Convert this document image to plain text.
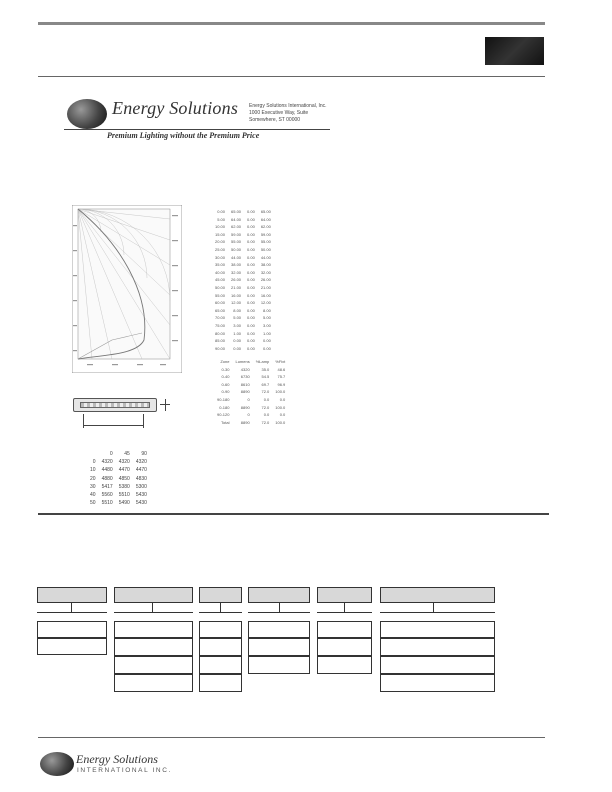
Energy Solutions Energy Solutions International, Inc.
1000 Executive Way, Suite
Somewhere, ST 00000
Premium Lighting without the Premium Price
0.00	65.00	0.00	65.00
5.00	64.00	0.00	64.00
10.00	62.00	0.00	62.00
15.00	59.00	0.00	59.00
20.00	55.00	0.00	55.00
25.00	50.00	0.00	50.00
30.00	44.00	0.00	44.00
35.00	38.00	0.00	38.00
40.00	32.00	0.00	32.00
45.00	26.00	0.00	26.00
50.00	21.00	0.00	21.00
55.00	16.00	0.00	16.00
60.00	12.00	0.00	12.00
65.00	8.00	0.00	8.00
70.00	5.00	0.00	5.00
75.00	3.00	0.00	3.00
80.00	1.00	0.00	1.00
85.00	0.00	0.00	0.00
90.00	0.00	0.00	0.00
Zone	Lumens	%Lamp	%Fixt
0-30	4320	35.0	48.6
0-40	6730	54.5	75.7
0-60	8610	69.7	96.9
0-90	8890	72.0	100.0
90-180	0	0.0	0.0
0-180	8890	72.0	100.0
90-120	0	0.0	0.0
Total	8890	72.0	100.0
	0	45	90
0	4320	4320	4320
10	4480	4470	4470
20	4880	4850	4830
30	5417	5380	5300
40	5560	5510	5430
50	5510	5490	5430
Energy Solutions
INTERNATIONAL INC.
